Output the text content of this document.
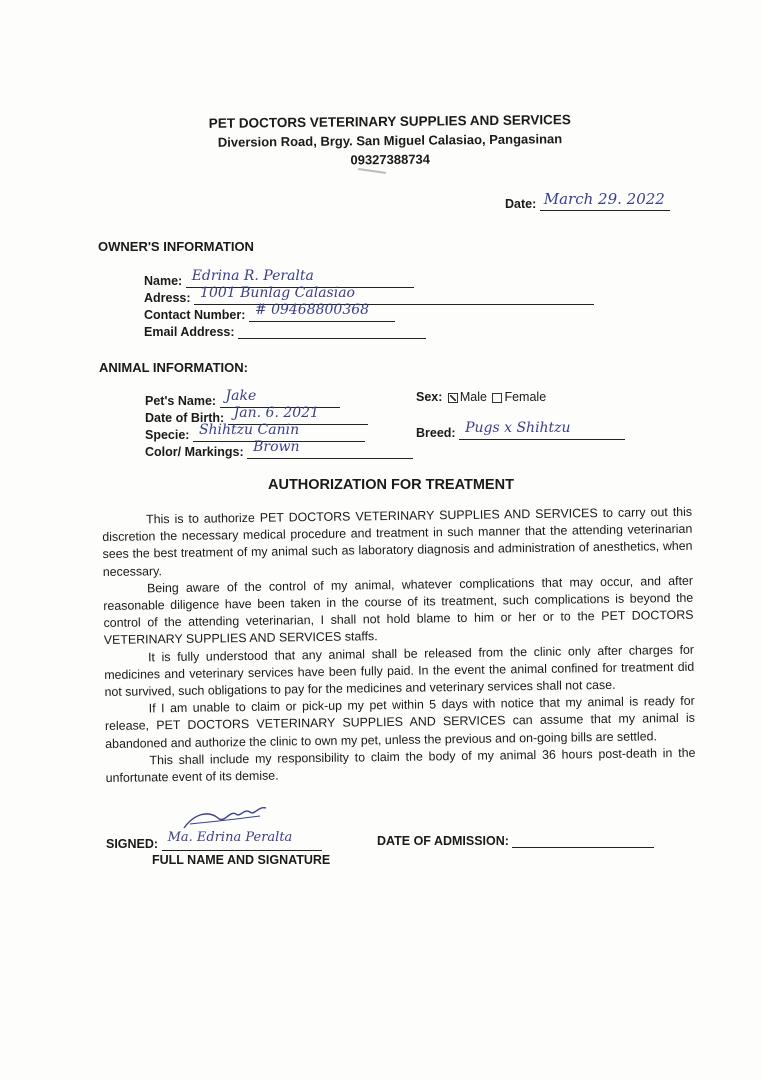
PET DOCTORS VETERINARY SUPPLIES AND SERVICES
Diversion Road, Brgy. San Miguel Calasiao, Pangasinan
09327388734
Date: March 29. 2022
OWNER'S INFORMATION
Name: Edrina R. Peralta
Adress: 1001 Bunlag Calasiao
Contact Number: # 09468800368
Email Address:
ANIMAL INFORMATION:
Pet's Name: Jake
Date of Birth: Jan. 6. 2021
Specie: Shihtzu Canin
Color/ Markings: Brown
Sex: Male Female
Breed: Pugs x Shihtzu
AUTHORIZATION FOR TREATMENT

This is to authorize PET DOCTORS VETERINARY SUPPLIES AND SERVICES to carry out this discretion the necessary medical procedure and treatment in such manner that the attending veterinarian sees the best treatment of my animal such as laboratory diagnosis and administration of anesthetics, when necessary.

Being aware of the control of my animal, whatever complications that may occur, and after reasonable diligence have been taken in the course of its treatment, such complications is beyond the control of the attending veterinarian, I shall not hold blame to him or her or to the PET DOCTORS VETERINARY SUPPLIES AND SERVICES staffs.

It is fully understood that any animal shall be released from the clinic only after charges for medicines and veterinary services have been fully paid. In the event the animal confined for treatment did not survived, such obligations to pay for the medicines and veterinary services shall not case.

If I am unable to claim or pick-up my pet within 5 days with notice that my animal is ready for release, PET DOCTORS VETERINARY SUPPLIES AND SERVICES can assume that my animal is abandoned and authorize the clinic to own my pet, unless the previous and on-going bills are settled.

This shall include my responsibility to claim the body of my animal 36 hours post-death in the unfortunate event of its demise.

SIGNED: Ma. Edrina Peralta
FULL NAME AND SIGNATURE
DATE OF ADMISSION:
